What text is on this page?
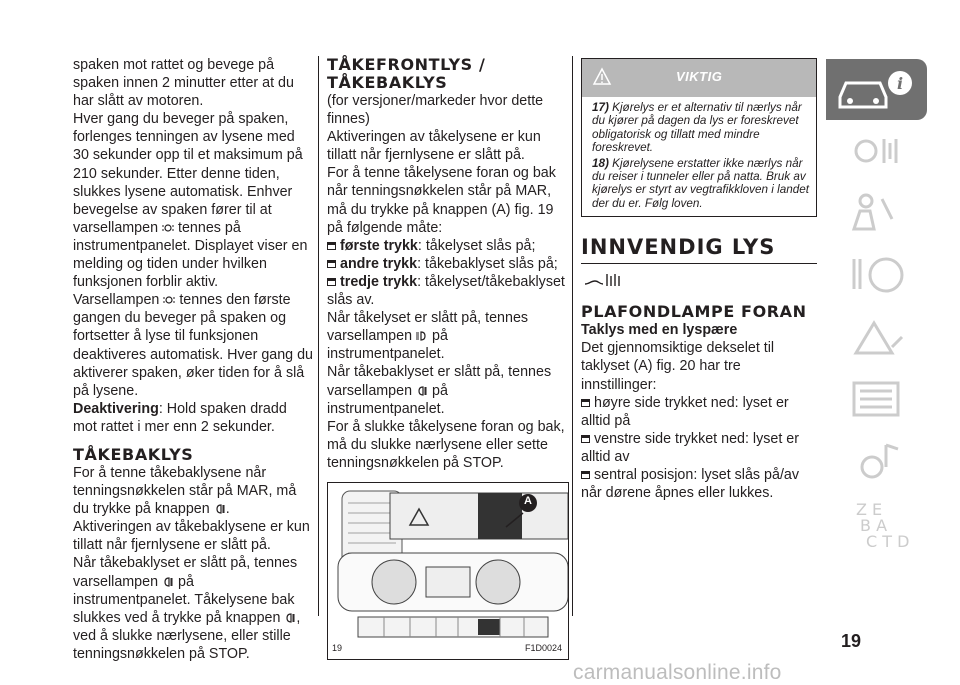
spaken mot rattet og bevege på spaken innen 2 minutter etter at du har slått av motoren.

Hver gang du beveger på spaken, forlenges tenningen av lysene med 30 sekunder opp til et maksimum på 210 sekunder. Etter denne tiden, slukkes lysene automatisk. Enhver bevegelse av spaken fører til at varsellampen tennes på instrumentpanelet. Displayet viser en melding og tiden under hvilken funksjonen forblir aktiv.

Varsellampen tennes den første gangen du beveger på spaken og fortsetter å lyse til funksjonen deaktiveres automatisk. Hver gang du aktiverer spaken, øker tiden for å slå på lysene.

Deaktivering: Hold spaken dradd mot rattet i mer enn 2 sekunder.

TÅKEBAKLYS

For å tenne tåkebaklysene når tenningsnøkkelen står på MAR, må du trykke på knappen .

Aktiveringen av tåkebaklysene er kun tillatt når fjernlysene er slått på.

Når tåkebaklyset er slått på, tennes varsellampen på instrumentpanelet. Tåkelysene bak slukkes ved å trykke på knappen , ved å slukke nærlysene, eller stille tenningsnøkkelen på STOP.

TÅKEFRONTLYS / TÅKEBAKLYS

(for versjoner/markeder hvor dette finnes)

Aktiveringen av tåkelysene er kun tillatt når fjernlysene er slått på.

For å tenne tåkelysene foran og bak når tenningsnøkkelen står på MAR, må du trykke på knappen (A) fig. 19 på følgende måte:

første trykk: tåkelyset slås på;

andre trykk: tåkebaklyset slås på;

tredje trykk: tåkelyset/tåkebaklyset slås av.

Når tåkelyset er slått på, tennes varsellampen på instrumentpanelet.

Når tåkebaklyset er slått på, tennes varsellampen på instrumentpanelet.

For å slukke tåkelysene foran og bak, må du slukke nærlysene eller sette tenningsnøkkelen på STOP.

A
19	F1D0024
VIKTIG
17) Kjørelys er et alternativ til nærlys når du kjører på dagen da lys er foreskrevet obligatorisk og tillatt med mindre foreskrevet.
18) Kjørelysene erstatter ikke nærlys når du reiser i tunneler eller på natta. Bruk av kjørelys er styrt av vegtrafikkloven i landet der du er. Følg loven.
INNVENDIG LYS
PLAFONDLAMPE FORAN

Taklys med en lyspære

Det gjennomsiktige dekselet til taklyset (A) fig. 20 har tre innstillinger:

høyre side trykket ned: lyset er alltid på

venstre side trykket ned: lyset er alltid av

sentral posisjon: lyset slås på/av når dørene åpnes eller lukkes.

i
Z E
B A
C T D
19
carmanualsonline.info
